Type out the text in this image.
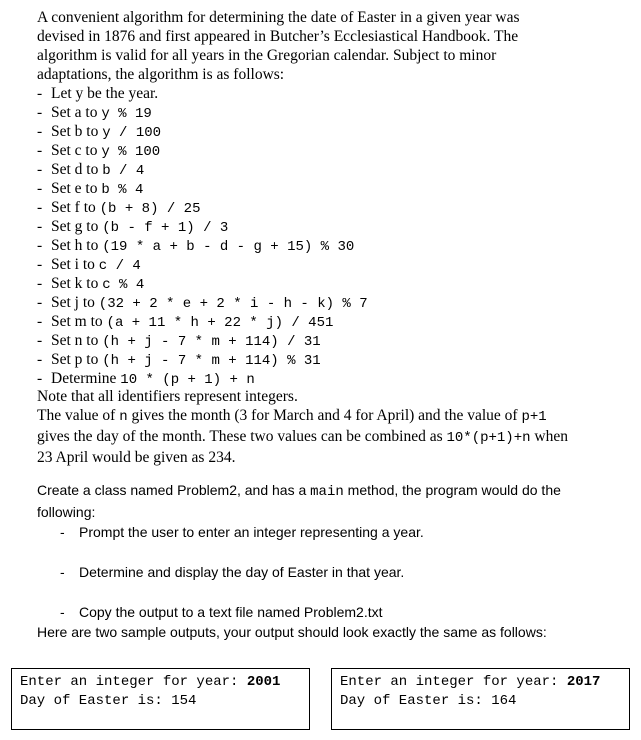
A convenient algorithm for determining the date of Easter in a given year was devised in 1876 and first appeared in Butcher’s Ecclesiastical Handbook. The algorithm is valid for all years in the Gregorian calendar. Subject to minor adaptations, the algorithm is as follows:
- Let y be the year.
- Set a to y % 19
- Set b to y / 100
- Set c to y % 100
- Set d to b / 4
- Set e to b % 4
- Set f to (b + 8) / 25
- Set g to (b - f + 1) / 3
- Set h to (19 * a + b - d - g + 15) % 30
- Set i to c / 4
- Set k to c % 4
- Set j to (32 + 2 * e + 2 * i - h - k) % 7
- Set m to (a + 11 * h + 22 * j) / 451
- Set n to (h + j - 7 * m + 114) / 31
- Set p to (h + j - 7 * m + 114) % 31
- Determine 10 * (p + 1) + n

Note that all identifiers represent integers.

The value of n gives the month (3 for March and 4 for April) and the value of p+1 gives the day of the month. These two values can be combined as 10*(p+1)+n when 23 April would be given as 234.

Create a class named Problem2, and has a main method, the program would do the following:

- Prompt the user to enter an integer representing a year.
- Determine and display the day of Easter in that year.
- Copy the output to a text file named Problem2.txt

Here are two sample outputs, your output should look exactly the same as follows:

Enter an integer for year: 2001
Day of Easter is: 154
Enter an integer for year: 2017
Day of Easter is: 164
